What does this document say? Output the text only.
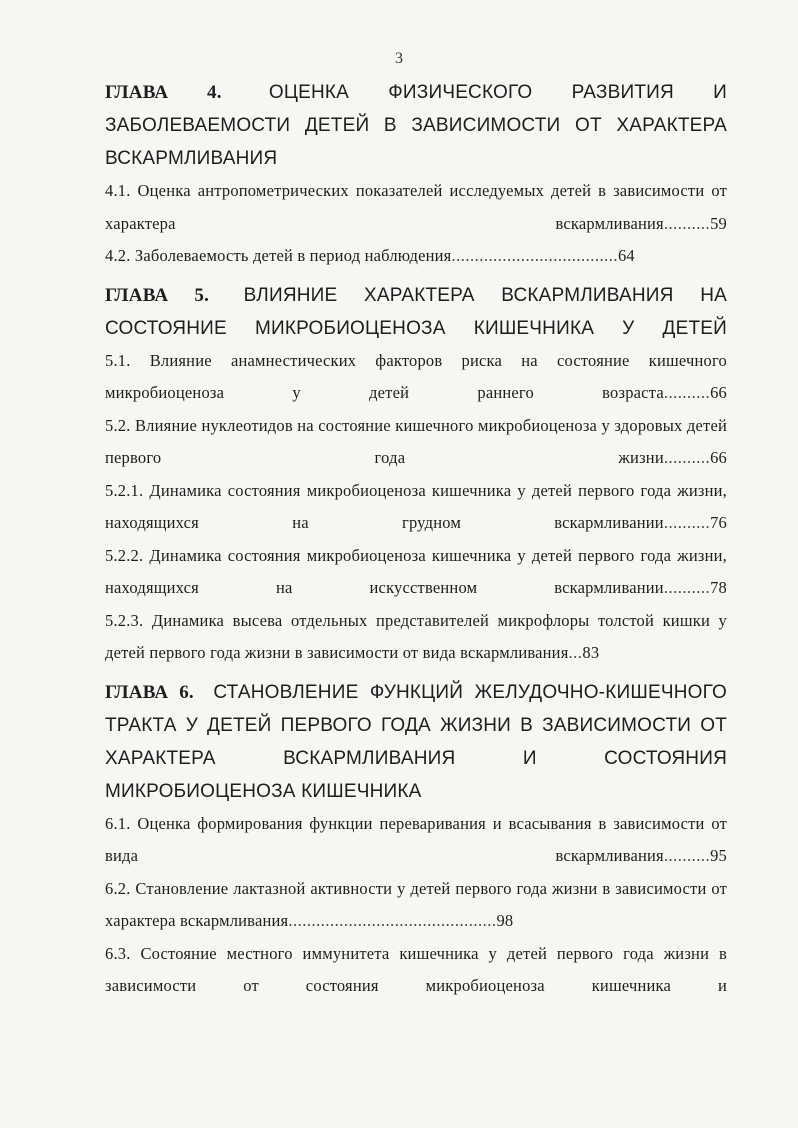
3
ГЛАВА 4. ОЦЕНКА ФИЗИЧЕСКОГО РАЗВИТИЯ И ЗАБОЛЕВАЕМОСТИ ДЕТЕЙ В ЗАВИСИМОСТИ ОТ ХАРАКТЕРА ВСКАРМЛИВАНИЯ
4.1. Оценка антропометрических показателей исследуемых детей в зависимости от характера вскармливания..........59
4.2. Заболеваемость детей в период наблюдения....................................64
ГЛАВА 5. ВЛИЯНИЕ ХАРАКТЕРА ВСКАРМЛИВАНИЯ НА СОСТОЯНИЕ МИКРОБИОЦЕНОЗА КИШЕЧНИКА У ДЕТЕЙ
5.1. Влияние анамнестических факторов риска на состояние кишечного микробиоценоза у детей раннего возраста..........66
5.2. Влияние нуклеотидов на состояние кишечного микробиоценоза у здоровых детей первого года жизни..........66
5.2.1. Динамика состояния микробиоценоза кишечника у детей первого года жизни, находящихся на грудном вскармливании..........76
5.2.2. Динамика состояния микробиоценоза кишечника у детей первого года жизни, находящихся на искусственном вскармливании..........78
5.2.3. Динамика высева отдельных представителей микрофлоры толстой кишки у детей первого года жизни в зависимости от вида вскармливания...83
ГЛАВА 6. СТАНОВЛЕНИЕ ФУНКЦИЙ ЖЕЛУДОЧНО-КИШЕЧНОГО ТРАКТА У ДЕТЕЙ ПЕРВОГО ГОДА ЖИЗНИ В ЗАВИСИМОСТИ ОТ ХАРАКТЕРА ВСКАРМЛИВАНИЯ И СОСТОЯНИЯ МИКРОБИОЦЕНОЗА КИШЕЧНИКА
6.1. Оценка формирования функции переваривания и всасывания в зависимости от вида вскармливания..........95
6.2. Становление лактазной активности у детей первого года жизни в зависимости от характера вскармливания.............................................98
6.3. Состояние местного иммунитета кишечника у детей первого года жизни в зависимости от состояния микробиоценоза кишечника и
